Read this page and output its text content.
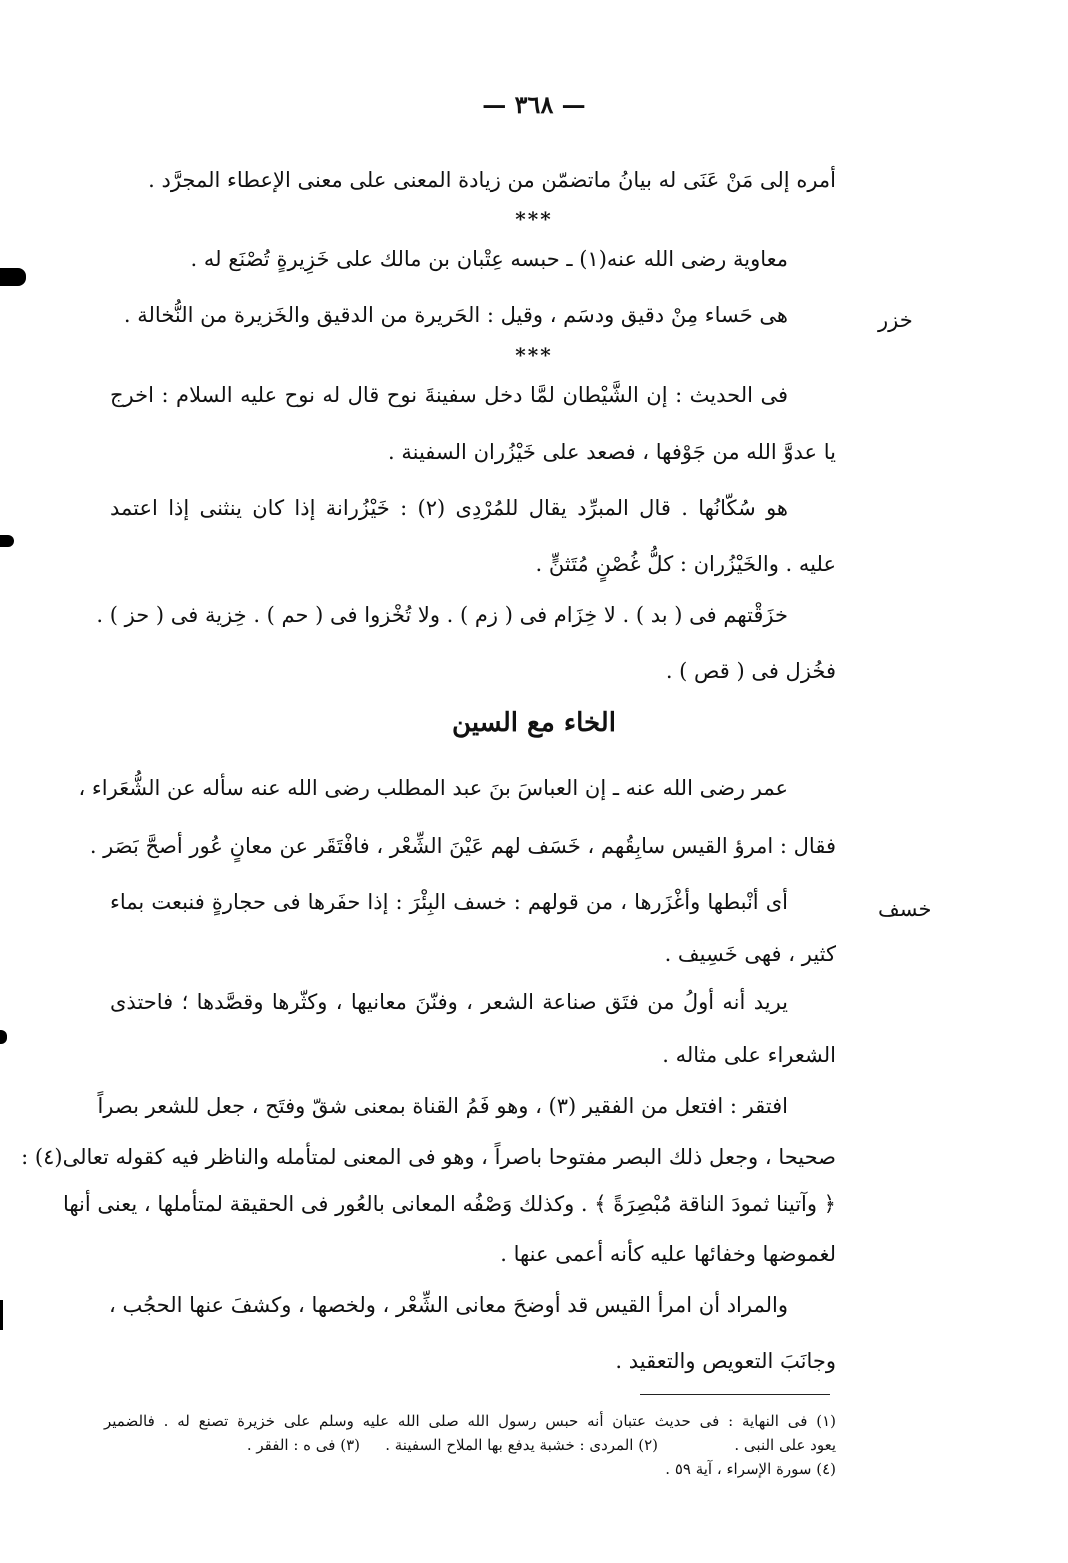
— ٣٦٨ —
أمره إلى مَنْ عَنَى له بيانُ ماتضمّن من زيادة المعنى على معنى الإعطاء المجرَّد .
***
معاوية رضى الله عنه(١) ـ حبسه عِتْبان بن مالك على خَزِيرةٍ تُصْنَع له .
خزر
هى حَساء مِنْ دقيق ودسَم ، وقيل : الحَريرة من الدقيق والخَزيرة من النُّخالة .
***
فى الحديث : إن الشَّيْطان لمَّا دخل سفينةَ نوح قال له نوح عليه السلام : اخرج
يا عدوَّ الله من جَوْفها ، فصعد على خَيْزُران السفينة .
هو سُكّانُها . قال المبرِّد يقال للمُرْدِى (٢) : خَيْزُرانة إذا كان ينثنى إذا اعتمد
عليه . والخَيْزُران : كلُّ غُصْنٍ مُتَثنٍّ .
خزَقْتهم فى ( بد ) . لا خِزَام فى ( زم ) . ولا تُخْزوا فى ( حم ) . خِزية فى ( حز ) .
فخُزل فى ( قص ) .
الخاء مع السين
عمر رضى الله عنه ـ إن العباسَ بنَ عبد المطلب رضى الله عنه سأله عن الشُّعَراء ،
فقال : امرؤ القيس سابِقُهم ، خَسَف لهم عَيْنَ الشِّعْر ، فافْتَقَر عن معانٍ عُور أصحَّ بَصَر .
خسف
أى أنْبطها وأغْزَرها ، من قولهم : خسف البِئْرَ : إذا حفَرها فى حجارةٍ فنبعت بماء
كثير ، فهى خَسِيف .
يريد أنه أولُ من فتَق صناعة الشعر ، وفنّنَ معانيها ، وكثّرها وقصَّدها ؛ فاحتذى
الشعراء على مثاله .
افتقر : افتعل من الفقير (٣) ، وهو فَمُ القناة بمعنى شقّ وفتَح ، جعل للشعر بصراً
صحيحا ، وجعل ذلك البصر مفتوحا باصراً ، وهو فى المعنى لمتأمله والناظر فيه كقوله تعالى(٤) :
﴿ وآتينا ثمودَ الناقة مُبْصِرَةً ﴾ . وكذلك وَصْفُه المعانى بالعُور فى الحقيقة لمتأملها ، يعنى أنها
لغموضها وخفائها عليه كأنه أعمى عنها .
والمراد أن امرأ القيس قد أوضحَ معانى الشِّعْر ، ولخصها ، وكشفَ عنها الحجُب ،
وجانَبَ التعويص والتعقيد .
(١) فى النهاية : فى حديث عتبان أنه حبس رسول الله صلى الله عليه وسلم على خزيرة تصنع له . فالضمير
يعود على النبى .
(٢) المردى : خشبة يدفع بها الملاح السفينة .
(٣) فى ه : الفقر .
(٤) سورة الإسراء ، آية ٥٩ .
